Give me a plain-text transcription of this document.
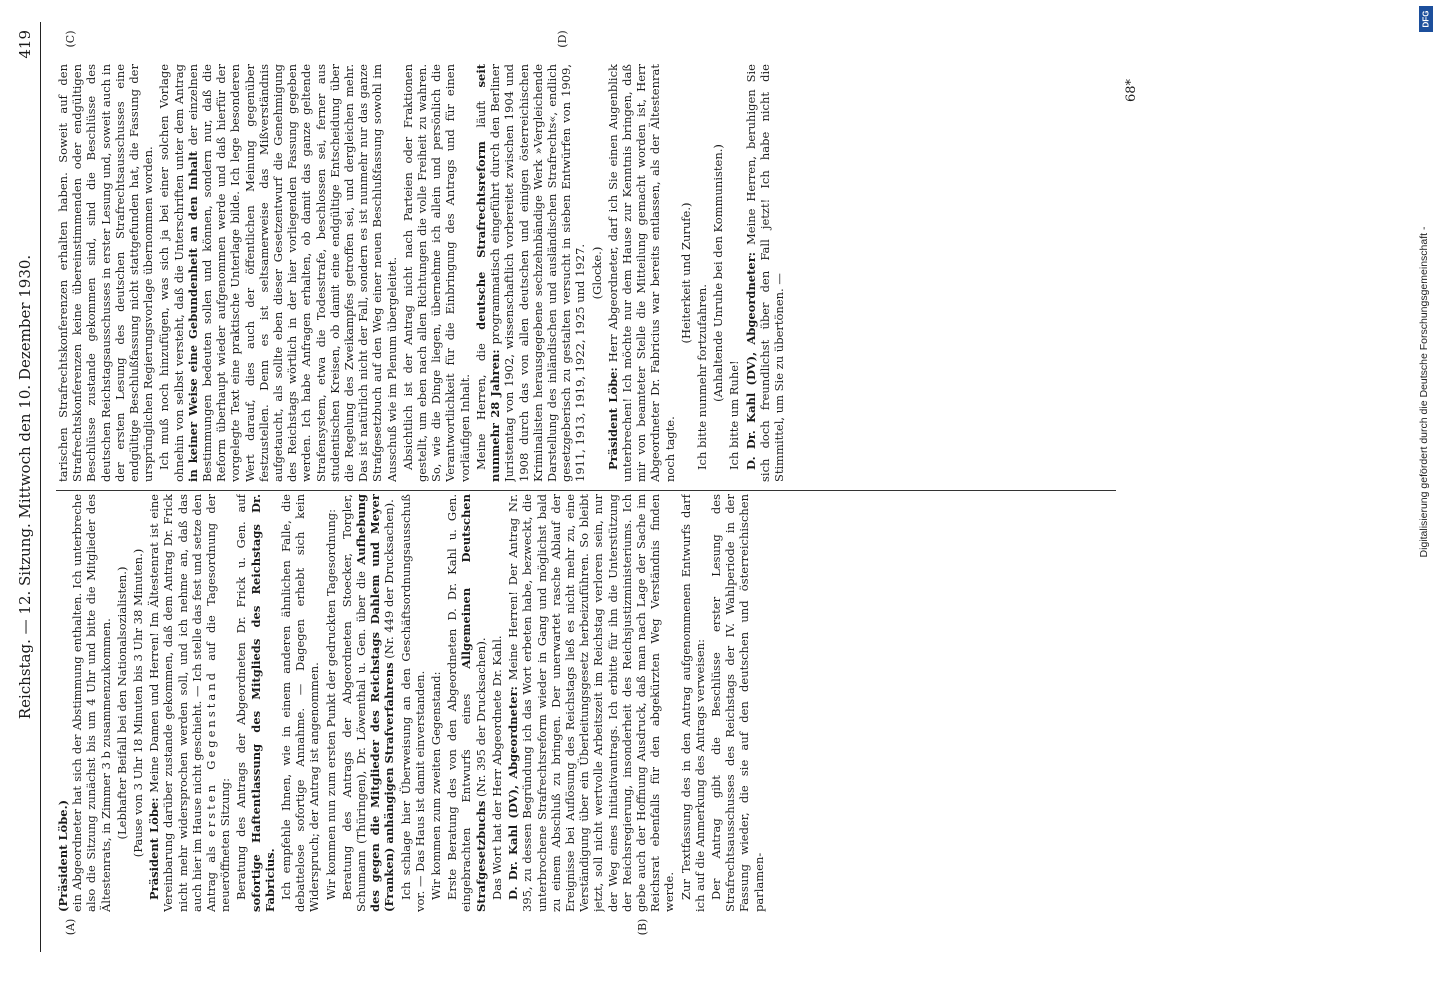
Reichstag. — 12. Sitzung. Mittwoch den 10. Dezember 1930.
419
(A)	(B)
(C)	(D)

(Präsident Löbe.)
ein Abgeordneter hat sich der Abstimmung enthalten. Ich unterbreche also die Sitzung zunächst bis um 4 Uhr und bitte die Mitglieder des Ältestenrats, in Zimmer 3 b zusammenzukommen. (Lebhafter Beifall bei den Nationalsozialisten.) (Pause von 3 Uhr 18 Minuten bis 3 Uhr 38 Minuten.) Präsident Löbe: Meine Damen und Herren! Im Ältestenrat ist eine Vereinbarung darüber zustande gekommen, daß dem Antrag Dr. Frick nicht mehr widersprochen werden soll, und ich nehme an, daß das auch hier im Hause nicht geschieht. — Ich stelle das fest und setze den Antrag als ersten Gegenstand auf die Tagesordnung der neueröffneten Sitzung: Beratung des Antrags der Abgeordneten Dr. Frick u. Gen. auf sofortige Haftentlassung des Mitglieds des Reichstags Dr. Fabricius. Ich empfehle Ihnen, wie in einem anderen ähnlichen Falle, die debattelose sofortige Annahme. — Dagegen erhebt sich kein Widerspruch; der Antrag ist angenommen. Wir kommen nun zum ersten Punkt der gedruckten Tagesordnung: Beratung des Antrags der Abgeordneten Stoecker, Torgler, Schumann (Thüringen), Dr. Löwenthal u. Gen. über die Aufhebung des gegen die Mitglieder des Reichstags Dahlem und Meyer (Franken) anhängigen Strafverfahrens (Nr. 449 der Drucksachen). Ich schlage hier Überweisung an den Geschäftsordnungsausschuß vor. — Das Haus ist damit einverstanden. Wir kommen zum zweiten Gegenstand: Erste Beratung des von den Abgeordneten D. Dr. Kahl u. Gen. eingebrachten Entwurfs eines Allgemeinen Deutschen Strafgesetzbuchs (Nr. 395 der Drucksachen). Das Wort hat der Herr Abgeordnete Dr. Kahl. D. Dr. Kahl (DV), Abgeordneter: Meine Herren! Der Antrag Nr. 395, zu dessen Begründung ich das Wort erbeten habe, bezweckt, die unterbrochene Strafrechtsreform wieder in Gang und möglichst bald zu einem Abschluß zu bringen. Der unerwartet rasche Ablauf der Ereignisse bei Auflösung des Reichstags ließ es nicht mehr zu, eine Verständigung über ein Überleitungsgesetz herbeizuführen. So bleibt jetzt, soll nicht wertvolle Arbeitszeit im Reichstag verloren sein, nur der Weg eines Initiativantrags. Ich erbitte für ihn die Unterstützung der Reichsregierung, insonderheit des Reichsjustizministeriums. Ich gebe auch der Hoffnung Ausdruck, daß man nach Lage der Sache im Reichsrat ebenfalls für den abgekürzten Weg Verständnis finden werde. Zur Textfassung des in den Antrag aufgenommenen Entwurfs darf ich auf die Anmerkung des Antrags verweisen: Der Antrag gibt die Beschlüsse erster Lesung des Strafrechtsausschusses des Reichstags der IV. Wahlperiode in der Fassung wieder, die sie auf den deutschen und österreichischen parlamen-

tarischen Strafrechtskonferenzen erhalten haben. Soweit auf den Strafrechtskonferenzen keine übereinstimmenden oder endgültigen Beschlüsse zustande gekommen sind, sind die Beschlüsse des deutschen Reichstagsausschusses in erster Lesung und, soweit auch in der ersten Lesung des deutschen Strafrechtsausschusses eine endgültige Beschlußfassung nicht stattgefunden hat, die Fassung der ursprünglichen Regierungsvorlage übernommen worden. Ich muß noch hinzufügen, was sich ja bei einer solchen Vorlage ohnehin von selbst versteht, daß die Unterschriften unter dem Antrag in keiner Weise eine Gebundenheit an den Inhalt der einzelnen Bestimmungen bedeuten sollen und können, sondern nur, daß die Reform überhaupt wieder aufgenommen werde und daß hierfür der vorgelegte Text eine praktische Unterlage bilde. Ich lege besonderen Wert darauf, dies auch der öffentlichen Meinung gegenüber festzustellen. Denn es ist seltsamerweise das Mißverständnis aufgetaucht, als sollte eben dieser Gesetzentwurf die Genehmigung des Reichstags wörtlich in der hier vorliegenden Fassung gegeben werden. Ich habe Anfragen erhalten, ob damit das ganze geltende Strafensystem, etwa die Todesstrafe, beschlossen sei, ferner aus studentischen Kreisen, ob damit eine endgültige Entscheidung über die Regelung des Zweikampfes getroffen sei, und dergleichen mehr. Das ist natürlich nicht der Fall, sondern es ist nunmehr nur das ganze Strafgesetzbuch auf den Weg einer neuen Beschlußfassung sowohl im Ausschuß wie im Plenum übergeleitet. Absichtlich ist der Antrag nicht nach Parteien oder Fraktionen gestellt, um eben nach allen Richtungen die volle Freiheit zu wahren. So, wie die Dinge liegen, übernehme ich allein und persönlich die Verantwortlichkeit für die Einbringung des Antrags und für einen vorläufigen Inhalt. Meine Herren, die deutsche Strafrechtsreform läuft seit nunmehr 28 Jahren: programmatisch eingeführt durch den Berliner Juristentag von 1902, wissenschaftlich vorbereitet zwischen 1904 und 1908 durch das von allen deutschen und einigen österreichischen Kriminalisten herausgegebene sechzehnbändige Werk »Vergleichende Darstellung des inländischen und ausländischen Strafrechts«, endlich gesetzgeberisch zu gestalten versucht in sieben Entwürfen von 1909, 1911, 1913, 1919, 1922, 1925 und 1927. (Glocke.)

Präsident Löbe: Herr Abgeordneter, darf ich Sie einen Augenblick unterbrechen! Ich möchte nur dem Hause zur Kenntnis bringen, daß mir von beamteter Stelle die Mitteilung gemacht worden ist, Herr Abgeordneter Dr. Fabricius war bereits entlassen, als der Ältestenrat noch tagte.

(Heiterkeit und Zurufe.)

Ich bitte nunmehr fortzufahren. (Anhaltende Unruhe bei den Kommunisten.)

Ich bitte um Ruhe! D. Dr. Kahl (DV), Abgeordneter: Meine Herren, beruhigen Sie sich doch freundlichst über den Fall jetzt! Ich habe nicht die Stimmittel, um Sie zu übertönen. —

68*
Digitalisierung gefördert durch die Deutsche Forschungsgemeinschaft -
DFG
